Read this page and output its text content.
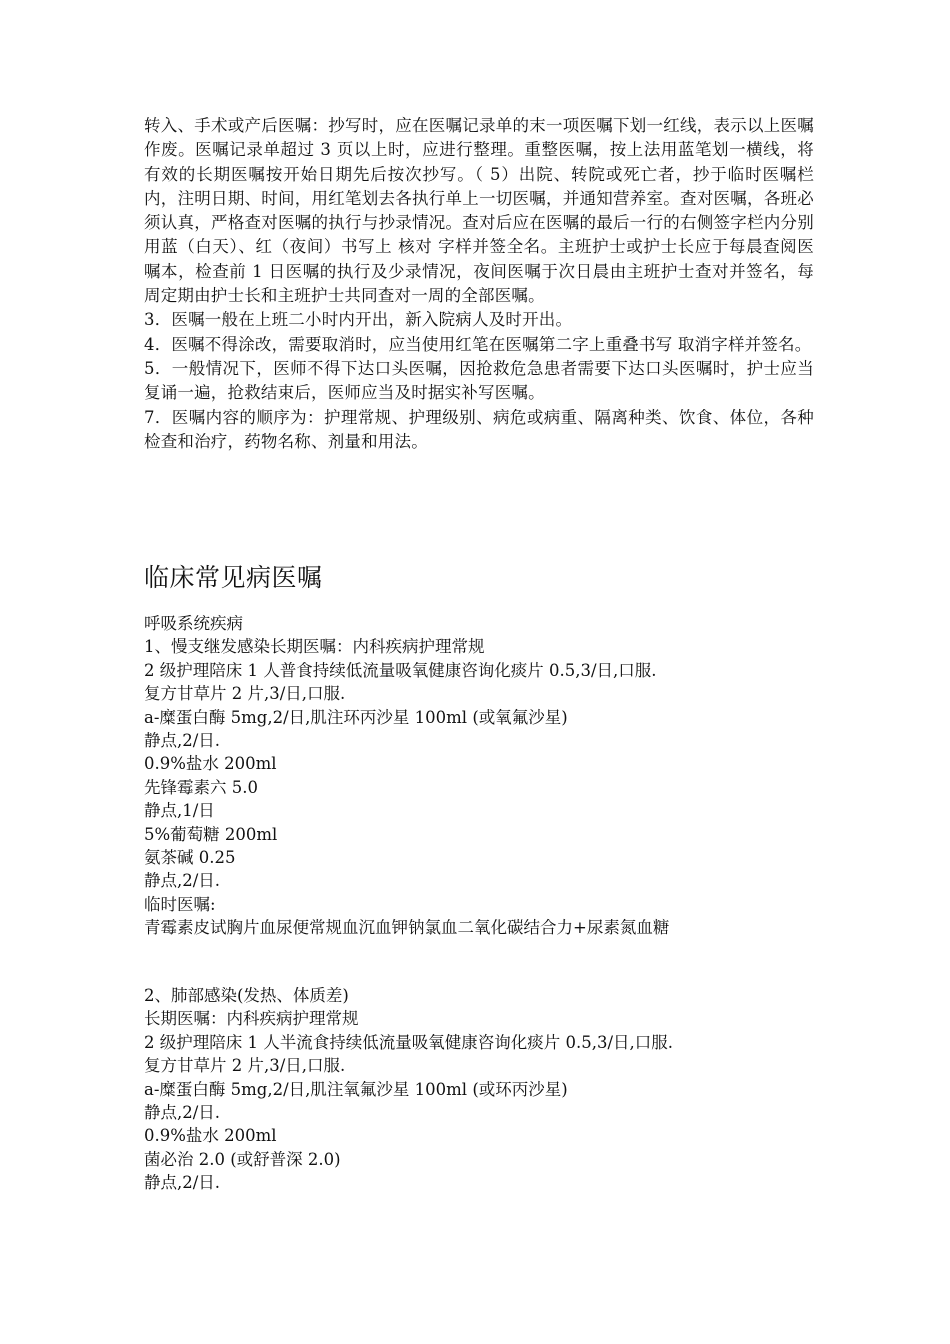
转入、手术或产后医嘱：抄写时，应在医嘱记录单的末一项医嘱下划一红线，表示以上医嘱作废。医嘱记录单超过 3 页以上时，应进行整理。重整医嘱，按上法用蓝笔划一横线，将有效的长期医嘱按开始日期先后按次抄写。（ 5）出院、转院或死亡者，抄于临时医嘱栏内，注明日期、时间，用红笔划去各执行单上一切医嘱，并通知营养室。查对医嘱，各班必须认真，严格查对医嘱的执行与抄录情况。查对后应在医嘱的最后一行的右侧签字栏内分别用蓝（白天）、红（夜间）书写上 核对 字样并签全名。主班护士或护士长应于每晨查阅医嘱本，检查前 1 日医嘱的执行及少录情况，夜间医嘱于次日晨由主班护士查对并签名，每周定期由护士长和主班护士共同查对一周的全部医嘱。

3．医嘱一般在上班二小时内开出，新入院病人及时开出。

4．医嘱不得涂改，需要取消时，应当使用红笔在医嘱第二字上重叠书写 取消字样并签名。

5．一般情况下，医师不得下达口头医嘱，因抢救危急患者需要下达口头医嘱时，护士应当复诵一遍，抢救结束后，医师应当及时据实补写医嘱。

7．医嘱内容的顺序为：护理常规、护理级别、病危或病重、隔离种类、饮食、体位，各种检查和治疗，药物名称、剂量和用法。

临床常见病医嘱

呼吸系统疾病

1、慢支继发感染长期医嘱：内科疾病护理常规

2 级护理陪床 1 人普食持续低流量吸氧健康咨询化痰片 0.5,3/日,口服.

复方甘草片 2 片,3/日,口服.

a-糜蛋白酶 5mg,2/日,肌注环丙沙星 100ml (或氧氟沙星)

静点,2/日.

0.9%盐水 200ml

先锋霉素六 5.0

静点,1/日

5%葡萄糖 200ml

氨茶碱 0.25

静点,2/日.

临时医嘱:

青霉素皮试胸片血尿便常规血沉血钾钠氯血二氧化碳结合力+尿素氮血糖

2、肺部感染(发热、体质差)

长期医嘱：内科疾病护理常规

2 级护理陪床 1 人半流食持续低流量吸氧健康咨询化痰片 0.5,3/日,口服.

复方甘草片 2 片,3/日,口服.

a-糜蛋白酶 5mg,2/日,肌注氧氟沙星 100ml (或环丙沙星)

静点,2/日.

0.9%盐水 200ml

菌必治 2.0 (或舒普深 2.0)

静点,2/日.
